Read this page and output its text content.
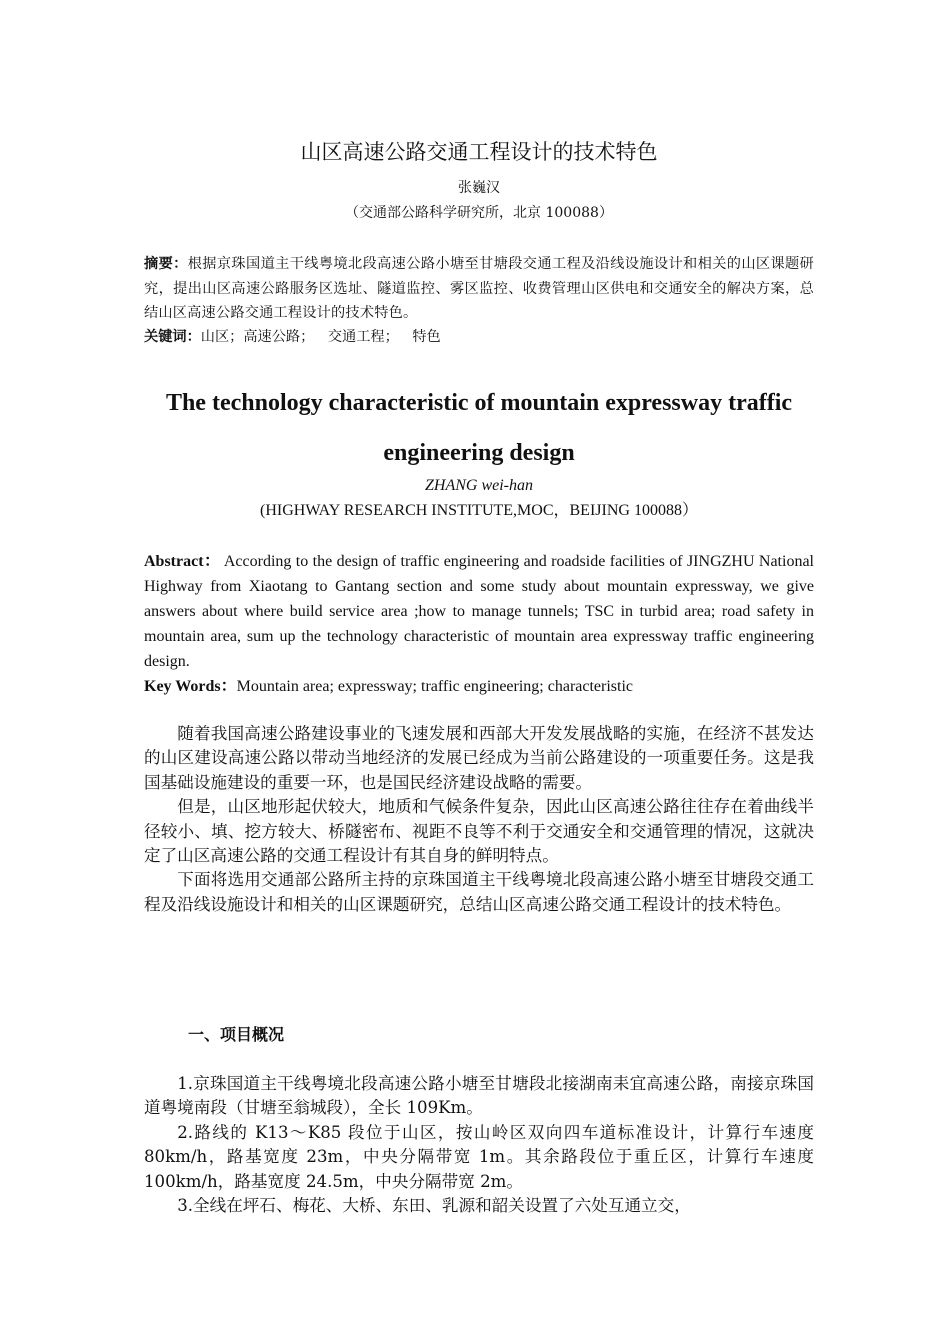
山区高速公路交通工程设计的技术特色
张巍汉
（交通部公路科学研究所，北京 100088）
摘要：根据京珠国道主干线粤境北段高速公路小塘至甘塘段交通工程及沿线设施设计和相关的山区课题研究，提出山区高速公路服务区选址、隧道监控、雾区监控、收费管理山区供电和交通安全的解决方案，总结山区高速公路交通工程设计的技术特色。
关键词：山区；高速公路； 交通工程； 特色
The technology characteristic of mountain expressway traffic engineering design
ZHANG wei-han
(HIGHWAY RESEARCH INSTITUTE,MOC，BEIJING 100088）
Abstract： According to the design of traffic engineering and roadside facilities of JINGZHU National Highway from Xiaotang to Gantang section and some study about mountain expressway, we give answers about where build service area ;how to manage tunnels; TSC in turbid area; road safety in mountain area, sum up the technology characteristic of mountain area expressway traffic engineering design.
Key Words：Mountain area; expressway; traffic engineering; characteristic

随着我国高速公路建设事业的飞速发展和西部大开发发展战略的实施，在经济不甚发达的山区建设高速公路以带动当地经济的发展已经成为当前公路建设的一项重要任务。这是我国基础设施建设的重要一环，也是国民经济建设战略的需要。

但是，山区地形起伏较大，地质和气候条件复杂，因此山区高速公路往往存在着曲线半径较小、填、挖方较大、桥隧密布、视距不良等不利于交通安全和交通管理的情况，这就决定了山区高速公路的交通工程设计有其自身的鲜明特点。

下面将选用交通部公路所主持的京珠国道主干线粤境北段高速公路小塘至甘塘段交通工程及沿线设施设计和相关的山区课题研究，总结山区高速公路交通工程设计的技术特色。

一、项目概况

1.京珠国道主干线粤境北段高速公路小塘至甘塘段北接湖南耒宜高速公路，南接京珠国道粤境南段（甘塘至翁城段），全长 109Km。

2.路线的 K13～K85 段位于山区，按山岭区双向四车道标准设计，计算行车速度 80km/h，路基宽度 23m，中央分隔带宽 1m。其余路段位于重丘区，计算行车速度 100km/h，路基宽度 24.5m，中央分隔带宽 2m。

3.全线在坪石、梅花、大桥、东田、乳源和韶关设置了六处互通立交，
